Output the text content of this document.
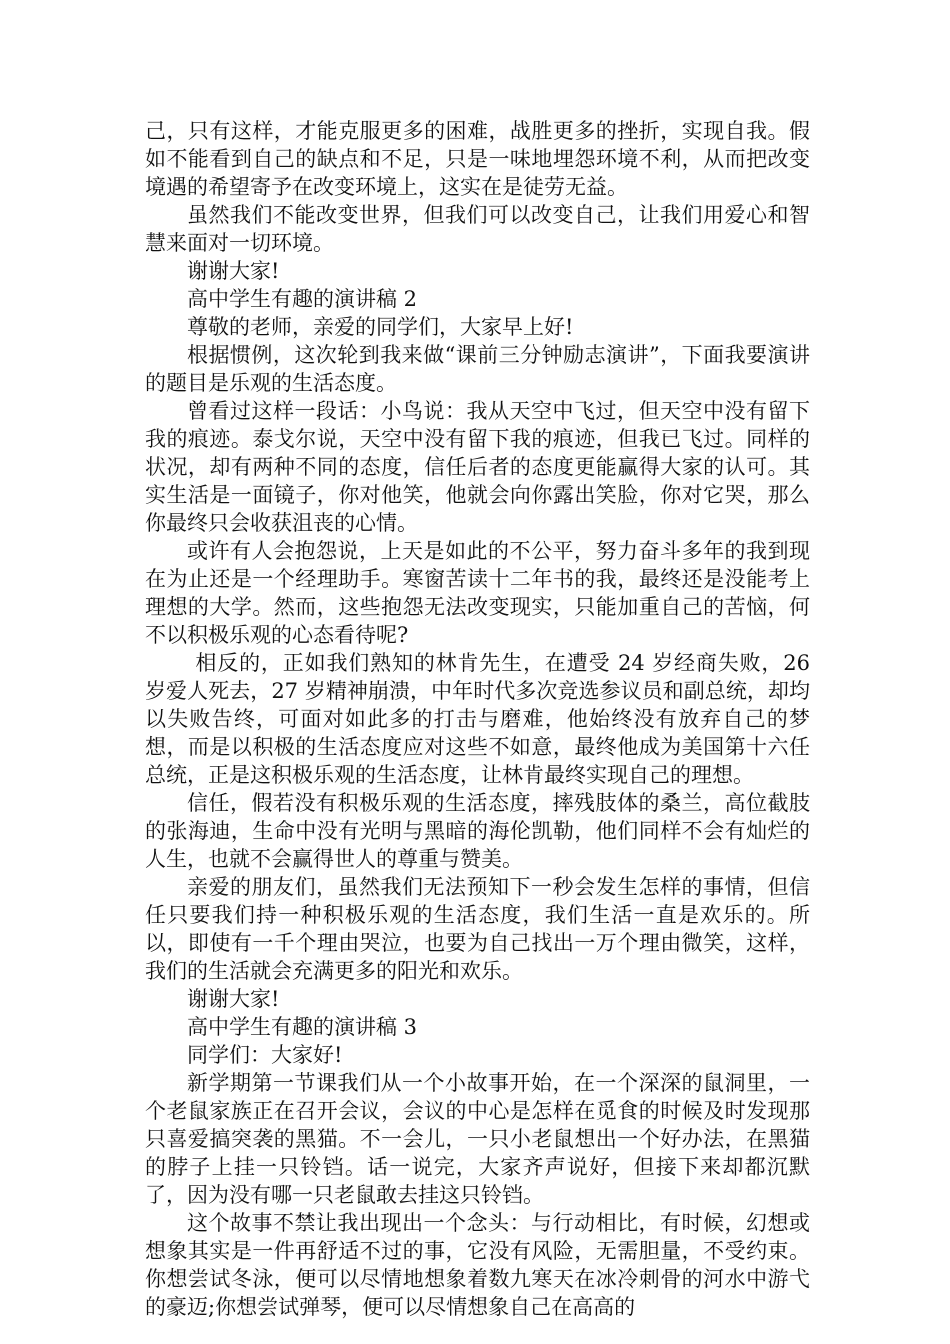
己，只有这样，才能克服更多的困难，战胜更多的挫折，实现自我。假如不能看到自己的缺点和不足，只是一味地埋怨环境不利，从而把改变境遇的希望寄予在改变环境上，这实在是徒劳无益。

虽然我们不能改变世界，但我们可以改变自己，让我们用爱心和智慧来面对一切环境。

谢谢大家!

高中学生有趣的演讲稿 2

尊敬的老师，亲爱的同学们，大家早上好!

根据惯例，这次轮到我来做“课前三分钟励志演讲”，下面我要演讲的题目是乐观的生活态度。

曾看过这样一段话：小鸟说：我从天空中飞过，但天空中没有留下我的痕迹。泰戈尔说，天空中没有留下我的痕迹，但我已飞过。同样的状况，却有两种不同的态度，信任后者的态度更能赢得大家的认可。其实生活是一面镜子，你对他笑，他就会向你露出笑脸，你对它哭，那么你最终只会收获沮丧的心情。

或许有人会抱怨说，上天是如此的不公平，努力奋斗多年的我到现在为止还是一个经理助手。寒窗苦读十二年书的我，最终还是没能考上理想的大学。然而，这些抱怨无法改变现实，只能加重自己的苦恼，何不以积极乐观的心态看待呢?

相反的，正如我们熟知的林肯先生，在遭受 24 岁经商失败，26 岁爱人死去，27 岁精神崩溃，中年时代多次竞选参议员和副总统，却均以失败告终，可面对如此多的打击与磨难，他始终没有放弃自己的梦想，而是以积极的生活态度应对这些不如意，最终他成为美国第十六任总统，正是这积极乐观的生活态度，让林肯最终实现自己的理想。

信任，假若没有积极乐观的生活态度，摔残肢体的桑兰，高位截肢的张海迪，生命中没有光明与黑暗的海伦凯勒，他们同样不会有灿烂的人生，也就不会赢得世人的尊重与赞美。

亲爱的朋友们，虽然我们无法预知下一秒会发生怎样的事情，但信任只要我们持一种积极乐观的生活态度，我们生活一直是欢乐的。所以，即使有一千个理由哭泣，也要为自己找出一万个理由微笑，这样，我们的生活就会充满更多的阳光和欢乐。

谢谢大家!

高中学生有趣的演讲稿 3

同学们：大家好!

新学期第一节课我们从一个小故事开始，在一个深深的鼠洞里，一个老鼠家族正在召开会议，会议的中心是怎样在觅食的时候及时发现那只喜爱搞突袭的黑猫。不一会儿，一只小老鼠想出一个好办法，在黑猫的脖子上挂一只铃铛。话一说完，大家齐声说好，但接下来却都沉默了，因为没有哪一只老鼠敢去挂这只铃铛。

这个故事不禁让我出现出一个念头：与行动相比，有时候，幻想或想象其实是一件再舒适不过的事，它没有风险，无需胆量，不受约束。你想尝试冬泳，便可以尽情地想象着数九寒天在冰冷刺骨的河水中游弋的豪迈;你想尝试弹琴，便可以尽情想象自己在高高的
